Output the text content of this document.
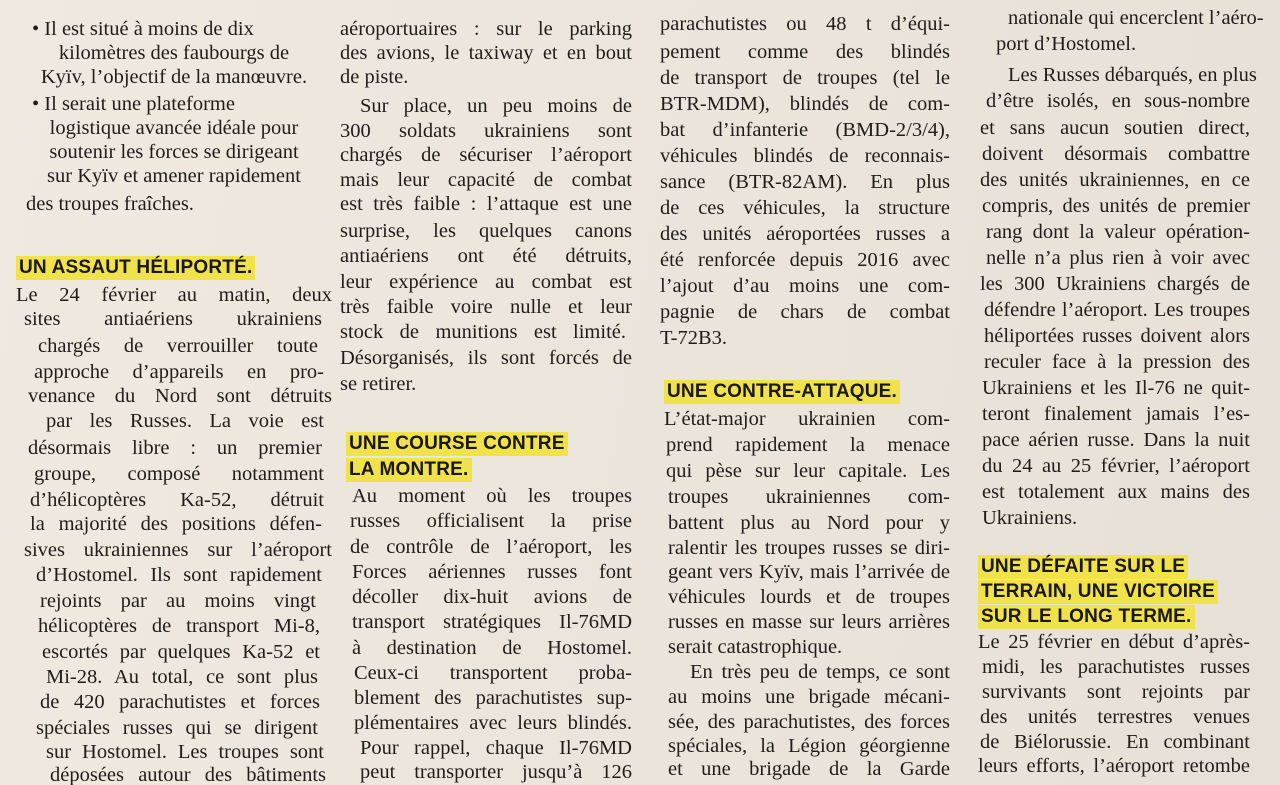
• Il est situé à moins de dix
kilomètres des faubourgs de
Kyïv, l’objectif de la manœuvre.
• Il serait une plateforme
logistique avancée idéale pour
soutenir les forces se dirigeant
sur Kyïv et amener rapidement
des troupes fraîches.
UN ASSAUT HÉLIPORTÉ.
Le 24 février au matin, deux
sites antiaériens ukrainiens
chargés de verrouiller toute
approche d’appareils en pro-
venance du Nord sont détruits
par les Russes. La voie est
désormais libre : un premier
groupe, composé notamment
d’hélicoptères Ka-52, détruit
la majorité des positions défen-
sives ukrainiennes sur l’aéroport
d’Hostomel. Ils sont rapidement
rejoints par au moins vingt
hélicoptères de transport Mi-8,
escortés par quelques Ka-52 et
Mi-28. Au total, ce sont plus
de 420 parachutistes et forces
spéciales russes qui se dirigent
sur Hostomel. Les troupes sont
déposées autour des bâtiments
aéroportuaires : sur le parking
des avions, le taxiway et en bout
de piste.
Sur place, un peu moins de
300 soldats ukrainiens sont
chargés de sécuriser l’aéroport
mais leur capacité de combat
est très faible : l’attaque est une
surprise, les quelques canons
antiaériens ont été détruits,
leur expérience au combat est
très faible voire nulle et leur
stock de munitions est limité.
Désorganisés, ils sont forcés de
se retirer.
UNE COURSE CONTRE
LA MONTRE.
Au moment où les troupes
russes officialisent la prise
de contrôle de l’aéroport, les
Forces aériennes russes font
décoller dix-huit avions de
transport stratégiques Il-76MD
à destination de Hostomel.
Ceux-ci transportent proba-
blement des parachutistes sup-
plémentaires avec leurs blindés.
Pour rappel, chaque Il-76MD
peut transporter jusqu’à 126
parachutistes ou 48 t d’équi-
pement comme des blindés
de transport de troupes (tel le
BTR-MDM), blindés de com-
bat d’infanterie (BMD-2/3/4),
véhicules blindés de reconnais-
sance (BTR-82AM). En plus
de ces véhicules, la structure
des unités aéroportées russes a
été renforcée depuis 2016 avec
l’ajout d’au moins une com-
pagnie de chars de combat
T-72B3.
UNE CONTRE-ATTAQUE.
L’état-major ukrainien com-
prend rapidement la menace
qui pèse sur leur capitale. Les
troupes ukrainiennes com-
battent plus au Nord pour y
ralentir les troupes russes se diri-
geant vers Kyïv, mais l’arrivée de
véhicules lourds et de troupes
russes en masse sur leurs arrières
serait catastrophique.
En très peu de temps, ce sont
au moins une brigade mécani-
sée, des parachutistes, des forces
spéciales, la Légion géorgienne
et une brigade de la Garde
nationale qui encerclent l’aéro-
port d’Hostomel.
Les Russes débarqués, en plus
d’être isolés, en sous-nombre
et sans aucun soutien direct,
doivent désormais combattre
des unités ukrainiennes, en ce
compris, des unités de premier
rang dont la valeur opération-
nelle n’a plus rien à voir avec
les 300 Ukrainiens chargés de
défendre l’aéroport. Les troupes
héliportées russes doivent alors
reculer face à la pression des
Ukrainiens et les Il-76 ne quit-
teront finalement jamais l’es-
pace aérien russe. Dans la nuit
du 24 au 25 février, l’aéroport
est totalement aux mains des
Ukrainiens.
UNE DÉFAITE SUR LE
TERRAIN, UNE VICTOIRE
SUR LE LONG TERME.
Le 25 février en début d’après-
midi, les parachutistes russes
survivants sont rejoints par
des unités terrestres venues
de Biélorussie. En combinant
leurs efforts, l’aéroport retombe
